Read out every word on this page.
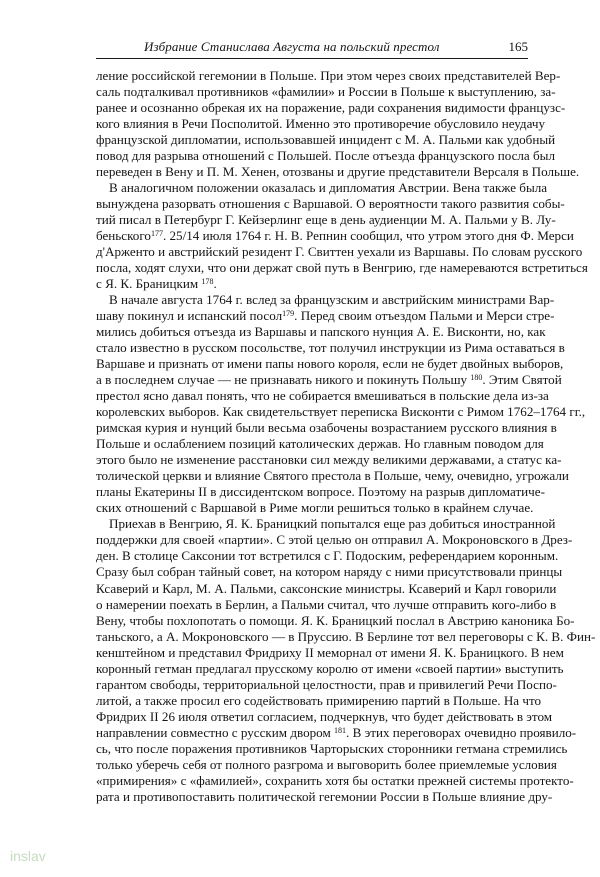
Избрание Станислава Августа на польский престол	165

ление российской гегемонии в Польше. При этом через своих представителей Вер-
саль подталкивал противников «фамилии» и России в Польше к выступлению, за-
ранее и осознанно обрекая их на поражение, ради сохранения видимости французс-
кого влияния в Речи Посполитой. Именно это противоречие обусловило неудачу
французской дипломатии, использовавшей инцидент с М. А. Пальми как удобный
повод для разрыва отношений с Польшей. После отъезда французского посла был
переведен в Вену и П. М. Хенен, отозваны и другие представители Версаля в Польше.

В аналогичном положении оказалась и дипломатия Австрии. Вена также была
вынуждена разорвать отношения с Варшавой. О вероятности такого развития собы-
тий писал в Петербург Г. Кейзерлинг еще в день аудиенции М. А. Пальми у В. Лу-
беньского$^{177}$. 25/14 июля 1764 г. Н. В. Репнин сообщил, что утром этого дня Ф. Мерси
д'Арженто и австрийский резидент Г. Свиттен уехали из Варшавы. По словам русского
посла, ходят слухи, что они держат свой путь в Венгрию, где намереваются встретиться
с Я. К. Браницким $^{178}$.

В начале августа 1764 г. вслед за французским и австрийским министрами Вар-
шаву покинул и испанский посол$^{179}$. Перед своим отъездом Пальми и Мерси стре-
мились добиться отъезда из Варшавы и папского нунция А. Е. Висконти, но, как
стало известно в русском посольстве, тот получил инструкции из Рима оставаться в
Варшаве и признать от имени папы нового короля, если не будет двойных выборов,
а в последнем случае — не признавать никого и покинуть Польшу $^{180}$. Этим Святой
престол ясно давал понять, что не собирается вмешиваться в польские дела из-за
королевских выборов. Как свидетельствует переписка Висконти с Римом 1762–1764 гг.,
римская курия и нунций были весьма озабочены возрастанием русского влияния в
Польше и ослаблением позиций католических держав. Но главным поводом для
этого было не изменение расстановки сил между великими державами, а статус ка-
толической церкви и влияние Святого престола в Польше, чему, очевидно, угрожали
планы Екатерины II в диссидентском вопросе. Поэтому на разрыв дипломатиче-
ских отношений с Варшавой в Риме могли решиться только в крайнем случае.

Приехав в Венгрию, Я. К. Браницкий попытался еще раз добиться иностранной
поддержки для своей «партии». С этой целью он отправил А. Мокроновского в Дрез-
ден. В столице Саксонии тот встретился с Г. Подоским, референдарием коронным.
Сразу был собран тайный совет, на котором наряду с ними присутствовали принцы
Ксаверий и Карл, М. А. Пальми, саксонские министры. Ксаверий и Карл говорили
о намерении поехать в Берлин, а Пальми считал, что лучше отправить кого-либо в
Вену, чтобы похлопотать о помощи. Я. К. Браницкий послал в Австрию каноника Бо-
таньского, а А. Мокроновского — в Пруссию. В Берлине тот вел переговоры с К. В. Фин-
кенштейном и представил Фридриху II меморнал от имени Я. К. Браницкого. В нем
коронный гетман предлагал прусскому королю от имени «своей партии» выступить
гарантом свободы, территориальной целостности, прав и привилегий Речи Поспо-
литой, а также просил его содействовать примирению партий в Польше. На что
Фридрих II 26 июля ответил согласием, подчеркнув, что будет действовать в этом
направлении совместно с русским двором $^{181}$. В этих переговорах очевидно проявило-
сь, что после поражения противников Чарторыских сторонники гетмана стремились
только уберечь себя от полного разгрома и выговорить более приемлемые условия
«примирения» с «фамилией», сохранить хотя бы остатки прежней системы протекто-
рата и противопоставить политической гегемонии России в Польше влияние дру-

inslav
